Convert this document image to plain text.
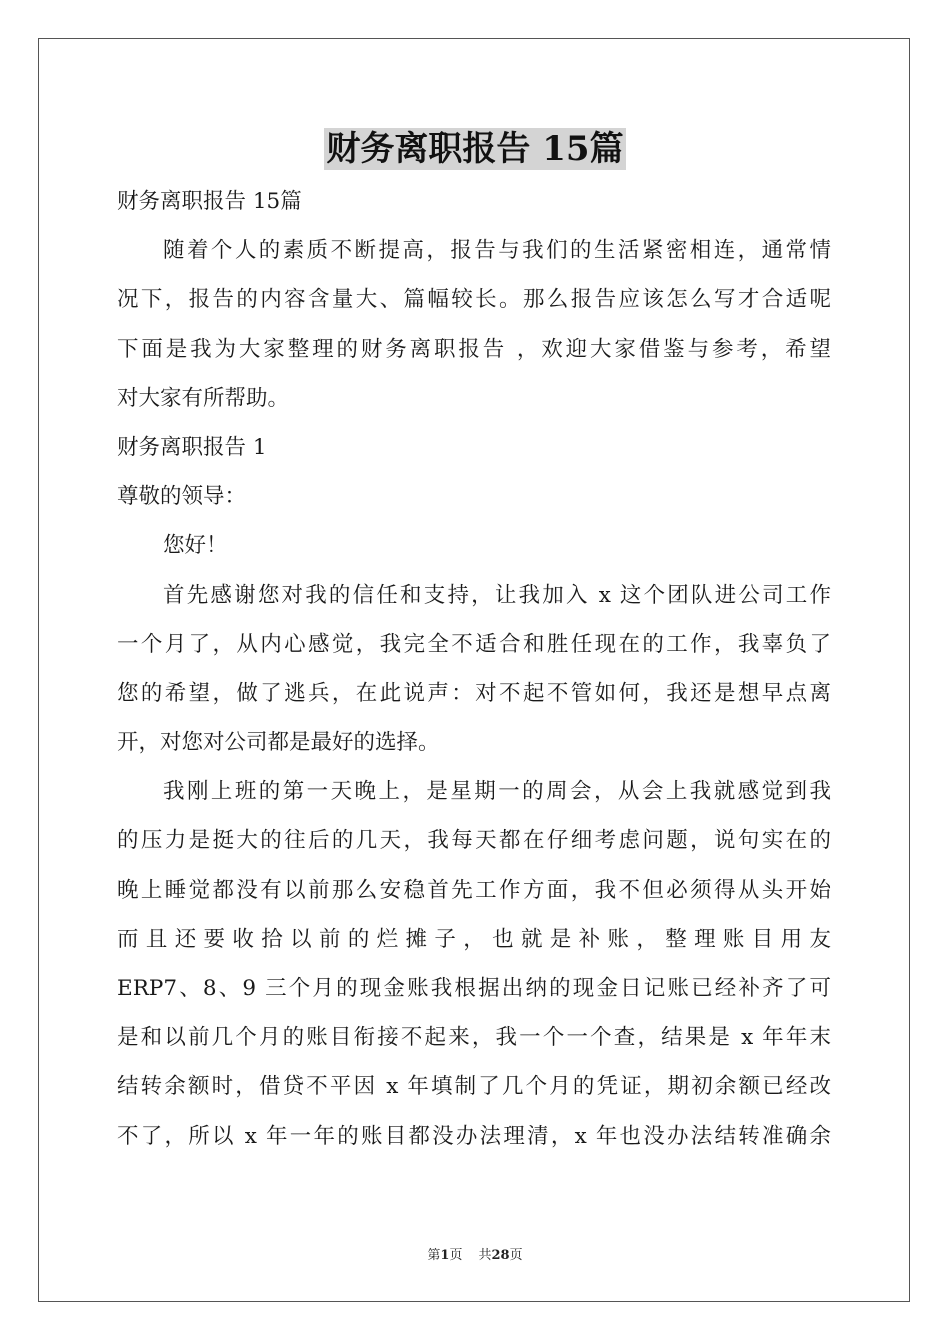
财务离职报告 15篇
财务离职报告 15篇
随着个人的素质不断提高，报告与我们的生活紧密相连，通常情
况下，报告的内容含量大、篇幅较长。那么报告应该怎么写才合适呢
下面是我为大家整理的财务离职报告 ，欢迎大家借鉴与参考，希望
对大家有所帮助。
财务离职报告 1
尊敬的领导：
您好！
首先感谢您对我的信任和支持，让我加入 x 这个团队进公司工作
一个月了，从内心感觉，我完全不适合和胜任现在的工作，我辜负了
您的希望，做了逃兵，在此说声：对不起不管如何，我还是想早点离
开，对您对公司都是最好的选择。
我刚上班的第一天晚上，是星期一的周会，从会上我就感觉到我
的压力是挺大的往后的几天，我每天都在仔细考虑问题，说句实在的
晚上睡觉都没有以前那么安稳首先工作方面，我不但必须得从头开始
而 且 还 要 收 拾 以 前 的 烂 摊 子 ， 也 就 是 补 账 ， 整 理 账 目 用 友
ERP7、8、9 三个月的现金账我根据出纳的现金日记账已经补齐了可
是和以前几个月的账目衔接不起来，我一个一个查，结果是 x 年年末
结转余额时，借贷不平因 x 年填制了几个月的凭证，期初余额已经改
不了，所以 x 年一年的账目都没办法理清，x 年也没办法结转准确余
第1页 共28页
